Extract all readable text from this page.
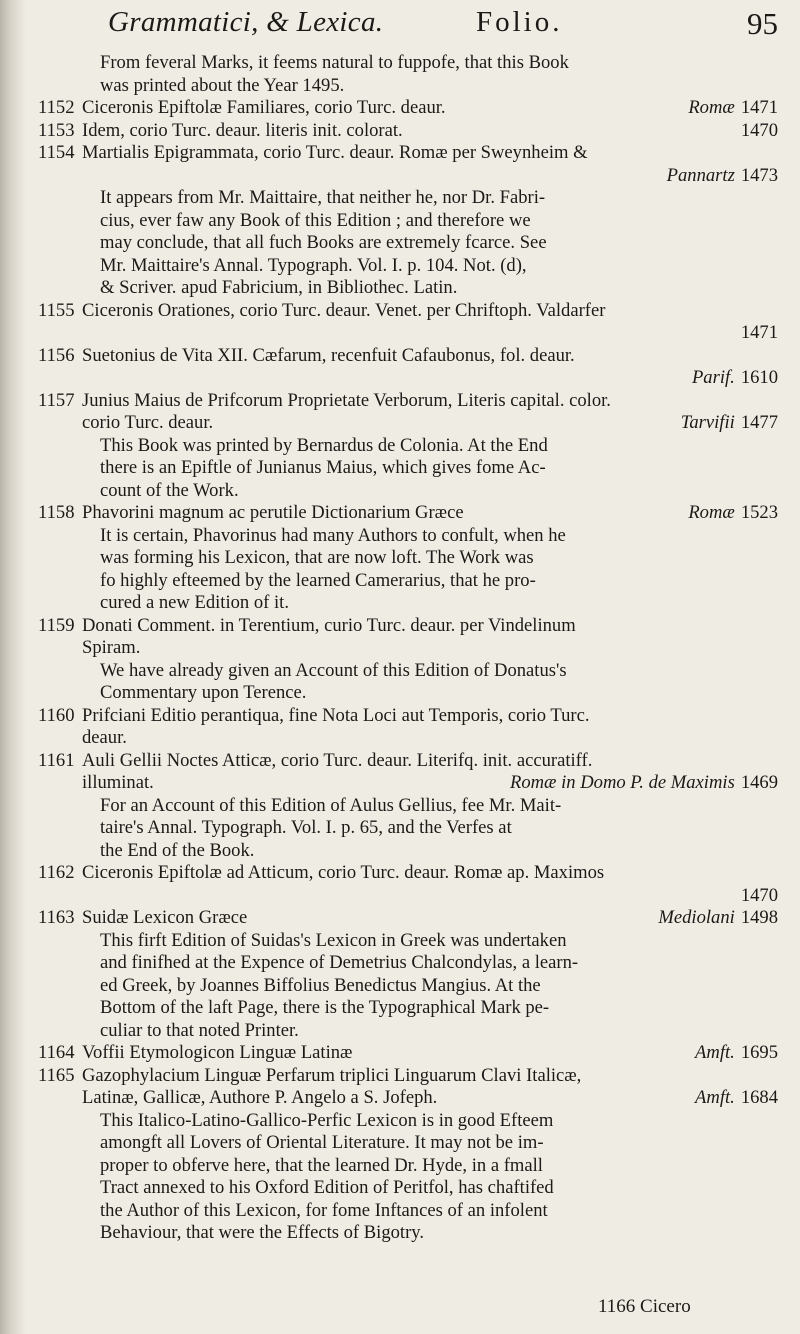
Grammatici, & Lexica.	Folio.	95
From feveral Marks, it feems natural to fuppofe, that this Book
was printed about the Year 1495.
1152 Ciceronis Epiftolæ Familiares, corio Turc. deaur.	Romæ 1471
1153 Idem, corio Turc. deaur. literis init. colorat.	1470
1154 Martialis Epigrammata, corio Turc. deaur. Romæ per Sweynheim &
Pannartz 1473
It appears from Mr. Maittaire, that neither he, nor Dr. Fabri-
cius, ever faw any Book of this Edition ; and therefore we
may conclude, that all fuch Books are extremely fcarce. See
Mr. Maittaire's Annal. Typograph. Vol. I. p. 104. Not. (d),
& Scriver. apud Fabricium, in Bibliothec. Latin.
1155 Ciceronis Orationes, corio Turc. deaur. Venet. per Chriftoph. Valdarfer
1471
1156 Suetonius de Vita XII. Cæfarum, recenfuit Cafaubonus, fol. deaur.
Parif. 1610
1157 Junius Maius de Prifcorum Proprietate Verborum, Literis capital. color.
corio Turc. deaur.	Tarvifii 1477
This Book was printed by Bernardus de Colonia. At the End
there is an Epiftle of Junianus Maius, which gives fome Ac-
count of the Work.
1158 Phavorini magnum ac perutile Dictionarium Græce	Romæ 1523
It is certain, Phavorinus had many Authors to confult, when he
was forming his Lexicon, that are now loft. The Work was
fo highly efteemed by the learned Camerarius, that he pro-
cured a new Edition of it.
1159 Donati Comment. in Terentium, curio Turc. deaur. per Vindelinum
Spiram.
We have already given an Account of this Edition of Donatus's
Commentary upon Terence.
1160 Prifciani Editio perantiqua, fine Nota Loci aut Temporis, corio Turc.
deaur.
1161 Auli Gellii Noctes Atticæ, corio Turc. deaur. Literifq. init. accuratiff.
illuminat.	Romæ in Domo P. de Maximis 1469
For an Account of this Edition of Aulus Gellius, fee Mr. Mait-
taire's Annal. Typograph. Vol. I. p. 65, and the Verfes at
the End of the Book.
1162 Ciceronis Epiftolæ ad Atticum, corio Turc. deaur. Romæ ap. Maximos
1470
1163 Suidæ Lexicon Græce	Mediolani 1498
This firft Edition of Suidas's Lexicon in Greek was undertaken
and finifhed at the Expence of Demetrius Chalcondylas, a learn-
ed Greek, by Joannes Biffolius Benedictus Mangius. At the
Bottom of the laft Page, there is the Typographical Mark pe-
culiar to that noted Printer.
1164 Voffii Etymologicon Linguæ Latinæ	Amft. 1695
1165 Gazophylacium Linguæ Perfarum triplici Linguarum Clavi Italicæ,
Latinæ, Gallicæ, Authore P. Angelo a S. Jofeph.	Amft. 1684
This Italico-Latino-Gallico-Perfic Lexicon is in good Efteem
amongft all Lovers of Oriental Literature. It may not be im-
proper to obferve here, that the learned Dr. Hyde, in a fmall
Tract annexed to his Oxford Edition of Peritfol, has chaftifed
the Author of this Lexicon, for fome Inftances of an infolent
Behaviour, that were the Effects of Bigotry.
1166 Cicero
